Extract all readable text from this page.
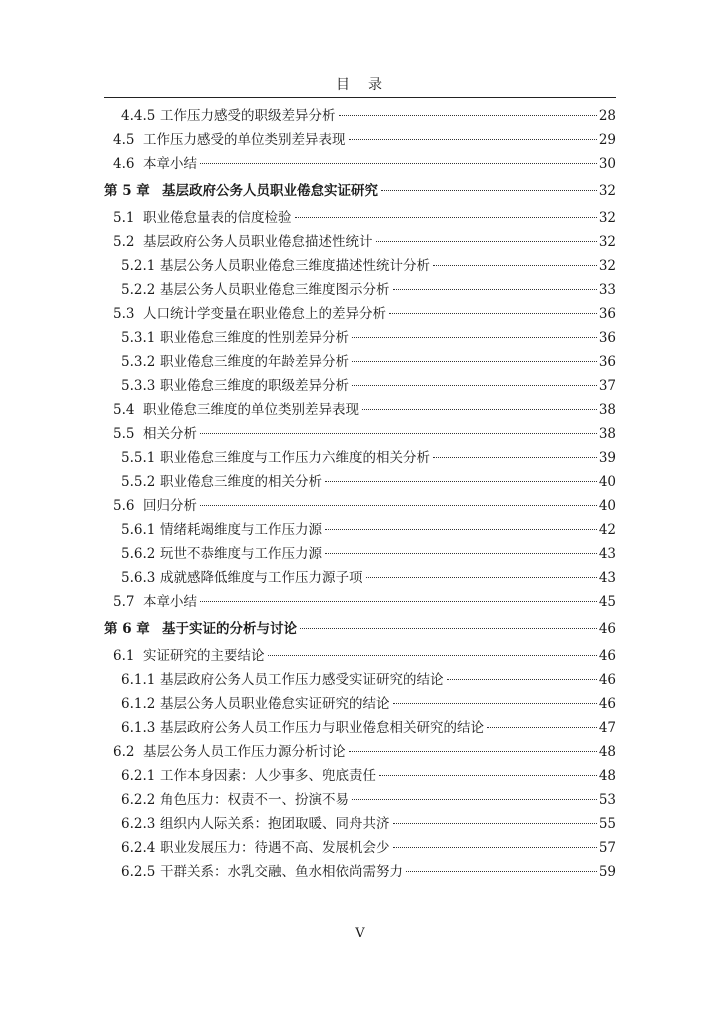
目　录
4.4.5 工作压力感受的职级差异分析	28
4.5 工作压力感受的单位类别差异表现	29
4.6 本章小结	30
第 5 章 基层政府公务人员职业倦怠实证研究	32
5.1 职业倦怠量表的信度检验	32
5.2 基层政府公务人员职业倦怠描述性统计	32
5.2.1 基层公务人员职业倦怠三维度描述性统计分析	32
5.2.2 基层公务人员职业倦怠三维度图示分析	33
5.3 人口统计学变量在职业倦怠上的差异分析	36
5.3.1 职业倦怠三维度的性别差异分析	36
5.3.2 职业倦怠三维度的年龄差异分析	36
5.3.3 职业倦怠三维度的职级差异分析	37
5.4 职业倦怠三维度的单位类别差异表现	38
5.5 相关分析	38
5.5.1 职业倦怠三维度与工作压力六维度的相关分析	39
5.5.2 职业倦怠三维度的相关分析	40
5.6 回归分析	40
5.6.1 情绪耗竭维度与工作压力源	42
5.6.2 玩世不恭维度与工作压力源	43
5.6.3 成就感降低维度与工作压力源子项	43
5.7 本章小结	45
第 6 章 基于实证的分析与讨论	46
6.1 实证研究的主要结论	46
6.1.1 基层政府公务人员工作压力感受实证研究的结论	46
6.1.2 基层公务人员职业倦怠实证研究的结论	46
6.1.3 基层政府公务人员工作压力与职业倦怠相关研究的结论	47
6.2 基层公务人员工作压力源分析讨论	48
6.2.1 工作本身因素：人少事多、兜底责任	48
6.2.2 角色压力：权责不一、扮演不易	53
6.2.3 组织内人际关系：抱团取暖、同舟共济	55
6.2.4 职业发展压力：待遇不高、发展机会少	57
6.2.5 干群关系：水乳交融、鱼水相依尚需努力	59
V
